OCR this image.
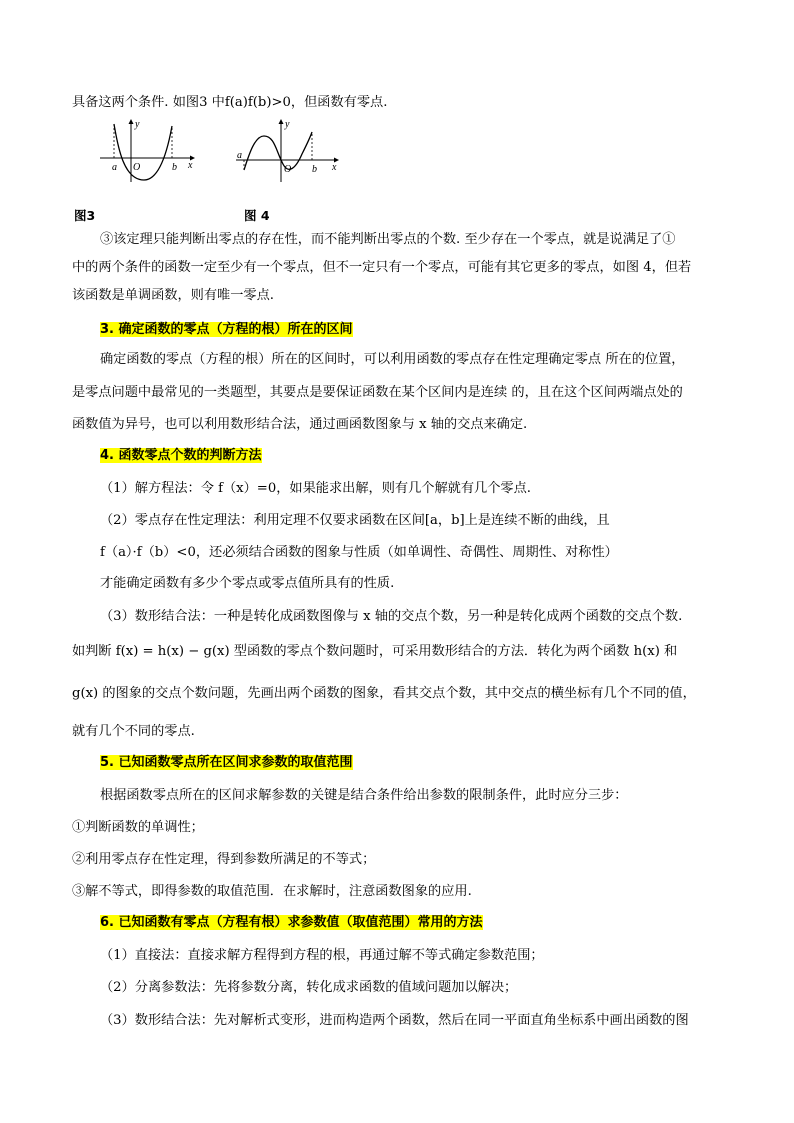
具备这两个条件. 如图3 中f(a)f(b)>0，但函数有零点.
y
x
O
a	b
y
x
O
a
b
图3	图 4
③该定理只能判断出零点的存在性，而不能判断出零点的个数. 至少存在一个零点，就是说满足了①
中的两个条件的函数一定至少有一个零点，但不一定只有一个零点，可能有其它更多的零点，如图 4，但若
该函数是单调函数，则有唯一零点.
3. 确定函数的零点（方程的根）所在的区间
确定函数的零点（方程的根）所在的区间时，可以利用函数的零点存在性定理确定零点 所在的位置，
是零点问题中最常见的一类题型，其要点是要保证函数在某个区间内是连续 的，且在这个区间两端点处的
函数值为异号，也可以利用数形结合法，通过画函数图象与 x 轴的交点来确定.
4. 函数零点个数的判断方法
（1）解方程法：令 f（x）=0，如果能求出解，则有几个解就有几个零点.
（2）零点存在性定理法：利用定理不仅要求函数在区间[a，b]上是连续不断的曲线，且
f（a）·f（b）<0，还必须结合函数的图象与性质（如单调性、奇偶性、周期性、对称性）
才能确定函数有多少个零点或零点值所具有的性质.
（3）数形结合法：一种是转化成函数图像与 x 轴的交点个数，另一种是转化成两个函数的交点个数.
如判断 f(x) = h(x) − g(x) 型函数的零点个数问题时，可采用数形结合的方法．转化为两个函数 h(x) 和
g(x) 的图象的交点个数问题，先画出两个函数的图象，看其交点个数，其中交点的横坐标有几个不同的值，
就有几个不同的零点.
5. 已知函数零点所在区间求参数的取值范围
根据函数零点所在的区间求解参数的关键是结合条件给出参数的限制条件，此时应分三步：
①判断函数的单调性；
②利用零点存在性定理，得到参数所满足的不等式；
③解不等式，即得参数的取值范围．在求解时，注意函数图象的应用.
6. 已知函数有零点（方程有根）求参数值（取值范围）常用的方法
（1）直接法：直接求解方程得到方程的根，再通过解不等式确定参数范围；
（2）分离参数法：先将参数分离，转化成求函数的值域问题加以解决；
（3）数形结合法：先对解析式变形，进而构造两个函数，然后在同一平面直角坐标系中画出函数的图
